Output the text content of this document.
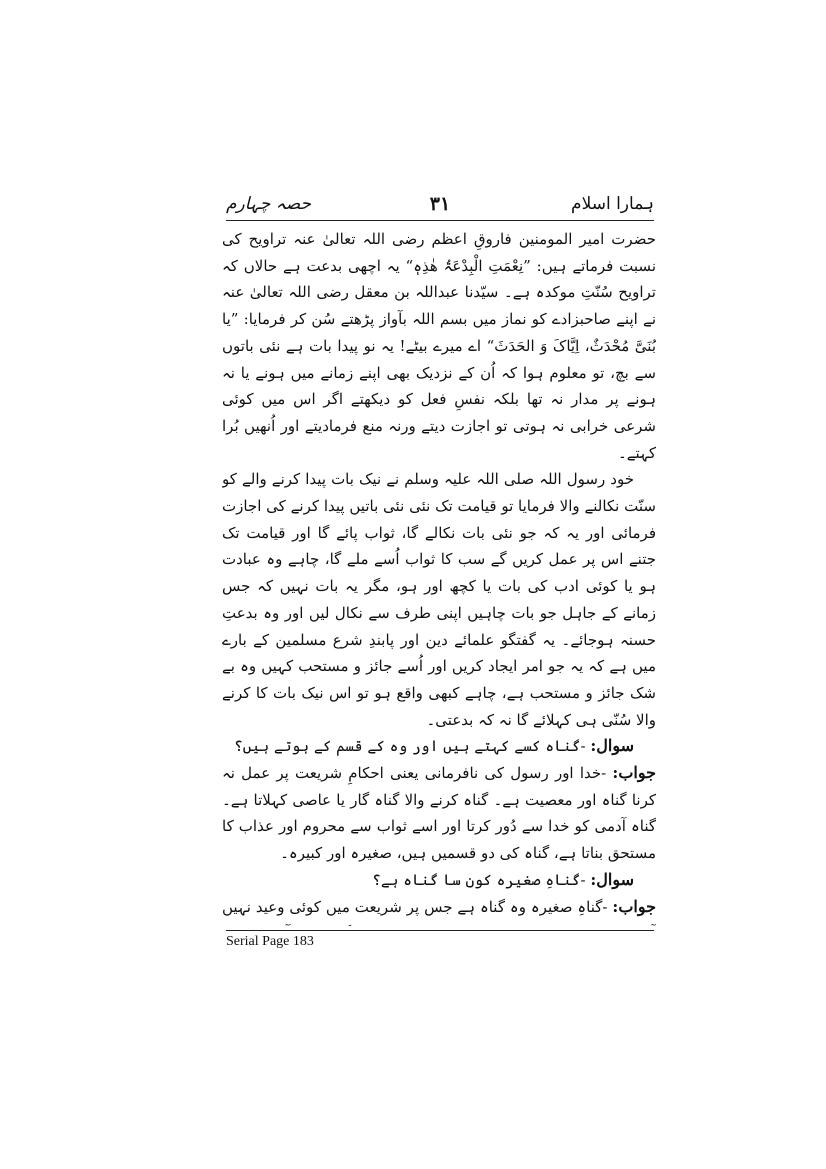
ہمارا اسلام
۳۱
حصہ چہارم

حضرت امیر المومنین فاروقِ اعظم رضی اللہ تعالیٰ عنہ تراویح کی نسبت فرماتے ہیں: ”نِعْمَتِ الْبِدْعَۃُ ھٰذِہٖ“ یہ اچھی بدعت ہے حالاں کہ تراویح سُنّتِ موکدہ ہے۔ سیّدنا عبداللہ بن معقل رضی اللہ تعالیٰ عنہ نے اپنے صاحبزادے کو نماز میں بسم اللہ بآواز پڑھتے سُن کر فرمایا: ”یا بُنَیَّ مُحْدَثٌ، اِیَّاکَ وَ الحَدَثَ“ اے میرے بیٹے! یہ نو پیدا بات ہے نئی باتوں سے بچ، تو معلوم ہوا کہ اُن کے نزدیک بھی اپنے زمانے میں ہونے یا نہ ہونے پر مدار نہ تھا بلکہ نفسِ فعل کو دیکھتے اگر اس میں کوئی شرعی خرابی نہ ہوتی تو اجازت دیتے ورنہ منع فرمادیتے اور اُنھیں بُرا کہتے۔

خود رسول اللہ صلی اللہ علیہ وسلم نے نیک بات پیدا کرنے والے کو سنّت نکالنے والا فرمایا تو قیامت تک نئی نئی باتیں پیدا کرنے کی اجازت فرمائی اور یہ کہ جو نئی بات نکالے گا، ثواب پائے گا اور قیامت تک جتنے اس پر عمل کریں گے سب کا ثواب اُسے ملے گا، چاہے وہ عبادت ہو یا کوئی ادب کی بات یا کچھ اور ہو، مگر یہ بات نہیں کہ جس زمانے کے جاہل جو بات چاہیں اپنی طرف سے نکال لیں اور وہ بدعتِ حسنہ ہوجائے۔ یہ گفتگو علمائے دین اور پابندِ شرع مسلمین کے بارے میں ہے کہ یہ جو امر ایجاد کریں اور اُسے جائز و مستحب کہیں وہ بے شک جائز و مستحب ہے، چاہے کبھی واقع ہو تو اس نیک بات کا کرنے والا سُنّی ہی کہلائے گا نہ کہ بدعتی۔

سوال: -گناہ کسے کہتے ہیں اور وہ کے قسم کے ہوتے ہیں؟

جواب: -خدا اور رسول کی نافرمانی یعنی احکامِ شریعت پر عمل نہ کرنا گناہ اور معصیت ہے۔ گناہ کرنے والا گناہ گار یا عاصی کہلاتا ہے۔ گناہ آدمی کو خدا سے دُور کرتا اور اسے ثواب سے محروم اور عذاب کا مستحق بناتا ہے، گناہ کی دو قسمیں ہیں، صغیرہ اور کبیرہ۔

سوال: -گناہِ صغیرہ کون سا گناہ ہے؟

جواب: -گناہِ صغیرہ وہ گناہ ہے جس پر شریعت میں کوئی وعید نہیں

Serial Page 183
